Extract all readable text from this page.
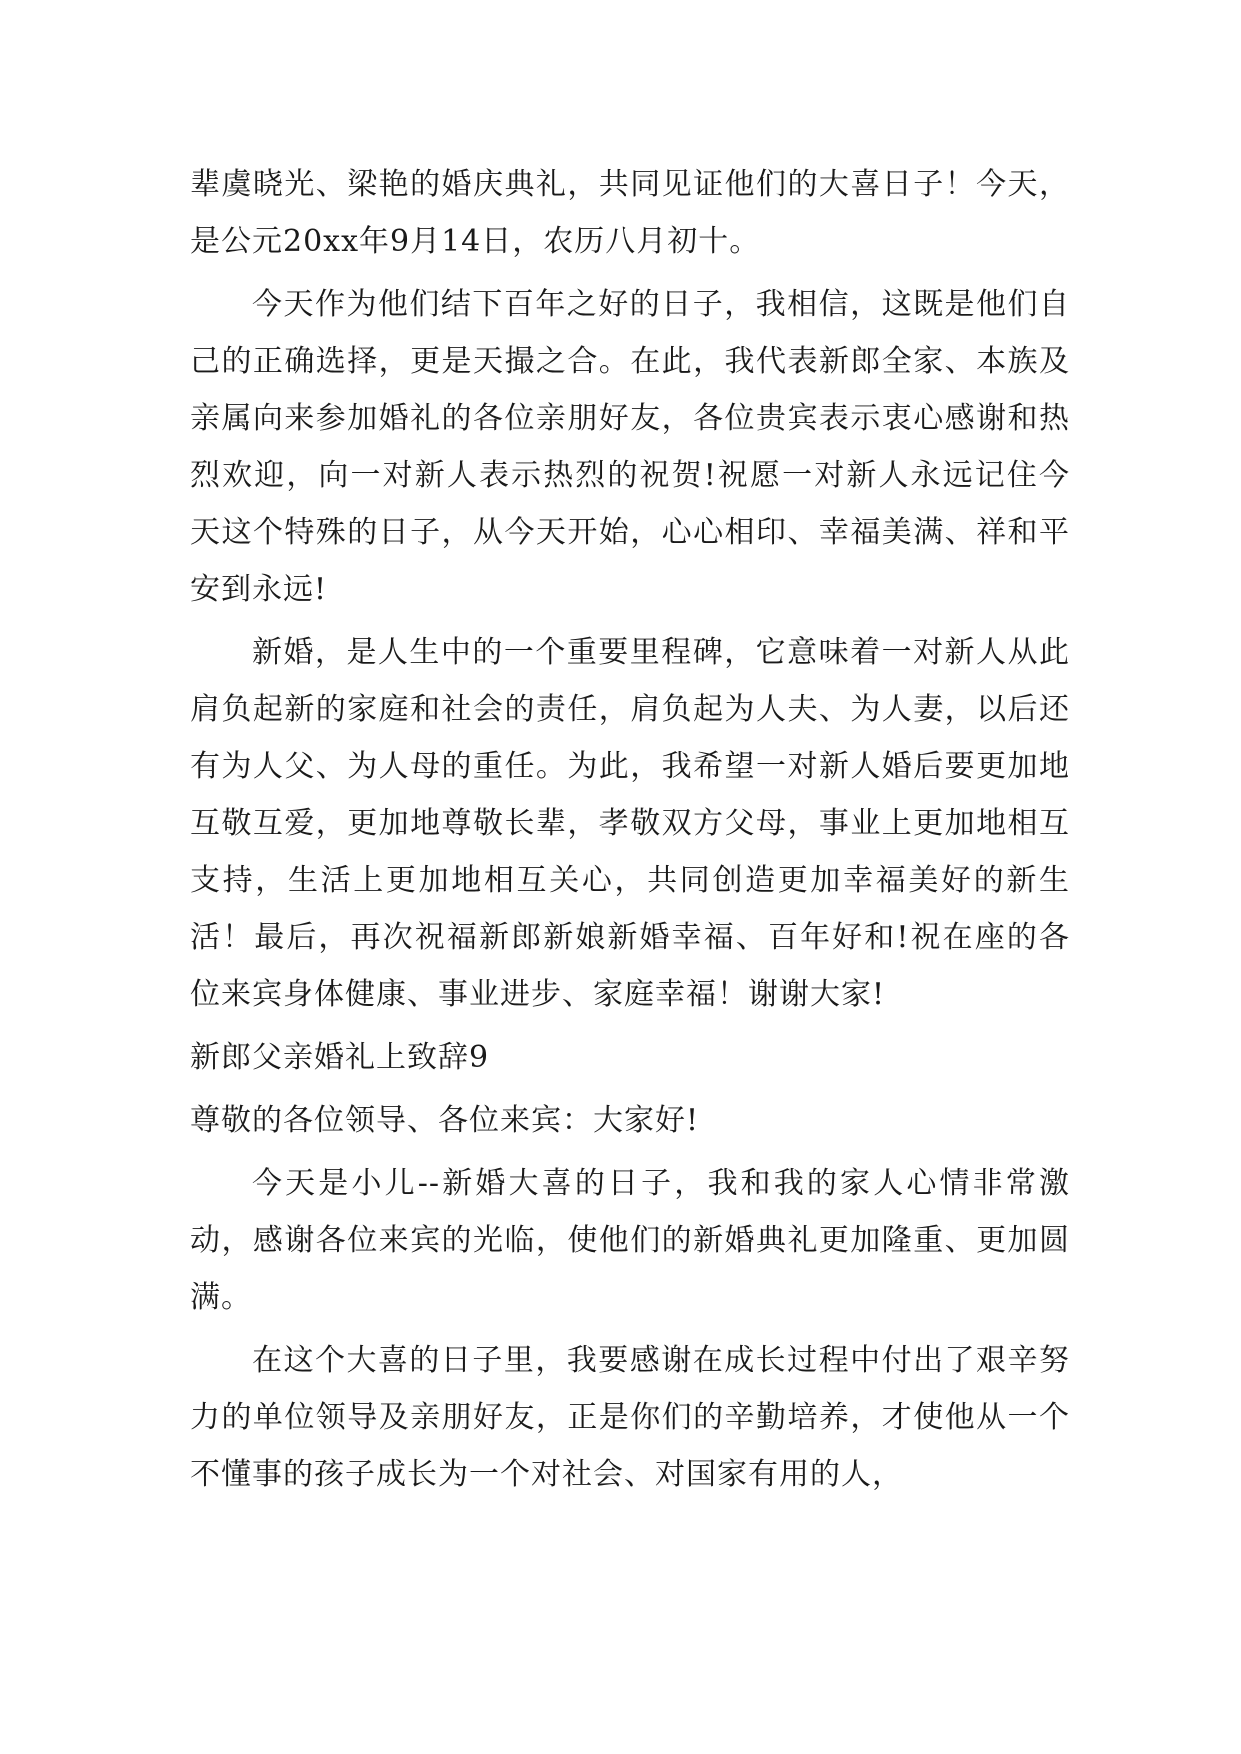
辈虞晓光、梁艳的婚庆典礼，共同见证他们的大喜日子！今天，是公元20xx年9月14日，农历八月初十。

今天作为他们结下百年之好的日子，我相信，这既是他们自己的正确选择，更是天撮之合。在此，我代表新郎全家、本族及亲属向来参加婚礼的各位亲朋好友，各位贵宾表示衷心感谢和热烈欢迎，向一对新人表示热烈的祝贺!祝愿一对新人永远记住今天这个特殊的日子，从今天开始，心心相印、幸福美满、祥和平安到永远!

新婚，是人生中的一个重要里程碑，它意味着一对新人从此肩负起新的家庭和社会的责任，肩负起为人夫、为人妻，以后还有为人父、为人母的重任。为此，我希望一对新人婚后要更加地互敬互爱，更加地尊敬长辈，孝敬双方父母，事业上更加地相互支持，生活上更加地相互关心，共同创造更加幸福美好的新生活！最后，再次祝福新郎新娘新婚幸福、百年好和!祝在座的各位来宾身体健康、事业进步、家庭幸福！谢谢大家!

新郎父亲婚礼上致辞9

尊敬的各位领导、各位来宾：大家好!

今天是小儿--新婚大喜的日子，我和我的家人心情非常激动，感谢各位来宾的光临，使他们的新婚典礼更加隆重、更加圆满。

在这个大喜的日子里，我要感谢在成长过程中付出了艰辛努力的单位领导及亲朋好友，正是你们的辛勤培养，才使他从一个不懂事的孩子成长为一个对社会、对国家有用的人，
